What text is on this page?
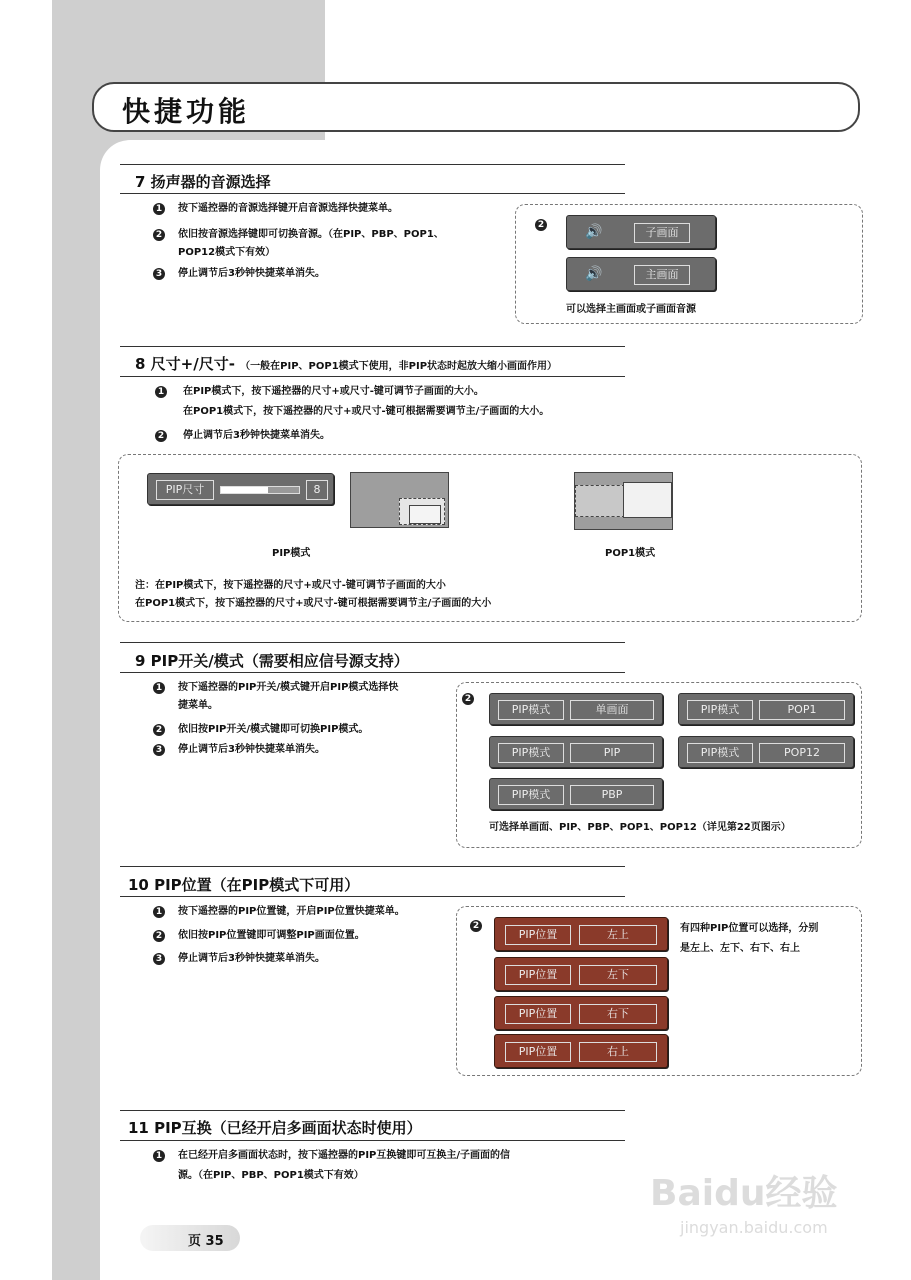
快捷功能
7 扬声器的音源选择
1 按下遥控器的音源选择键开启音源选择快捷菜单。
2 依旧按音源选择键即可切换音源。（在PIP、PBP、POP1、
POP12模式下有效）
3 停止调节后3秒钟快捷菜单消失。
2	🔊	子画面
🔊	主画面
可以选择主画面或子画面音源
8 尺寸+/尺寸- （一般在PIP、POP1模式下使用，非PIP状态时起放大缩小画面作用）
1 在PIP模式下，按下遥控器的尺寸+或尺寸-键可调节子画面的大小。
在POP1模式下，按下遥控器的尺寸+或尺寸-键可根据需要调节主/子画面的大小。
2 停止调节后3秒钟快捷菜单消失。
PIP尺寸	8
PIP模式	POP1模式
注：在PIP模式下，按下遥控器的尺寸+或尺寸-键可调节子画面的大小
在POP1模式下，按下遥控器的尺寸+或尺寸-键可根据需要调节主/子画面的大小
9 PIP开关/模式（需要相应信号源支持）
1 按下遥控器的PIP开关/模式键开启PIP模式选择快
捷菜单。
2 依旧按PIP开关/模式键即可切换PIP模式。
3 停止调节后3秒钟快捷菜单消失。
2
PIP模式	单画面
PIP模式	PIP
PIP模式	PBP
PIP模式	POP1
PIP模式	POP12
可选择单画面、PIP、PBP、POP1、POP12（详见第22页图示）
10 PIP位置（在PIP模式下可用）
1 按下遥控器的PIP位置键，开启PIP位置快捷菜单。
2 依旧按PIP位置键即可调整PIP画面位置。
3 停止调节后3秒钟快捷菜单消失。
2
PIP位置	左上
PIP位置	左下
PIP位置	右下
PIP位置	右上
有四种PIP位置可以选择，分别
是左上、左下、右下、右上
11 PIP互换（已经开启多画面状态时使用）
1 在已经开启多画面状态时，按下遥控器的PIP互换键即可互换主/子画面的信
源。（在PIP、PBP、POP1模式下有效）
页 35
Baidu经验
jingyan.baidu.com
